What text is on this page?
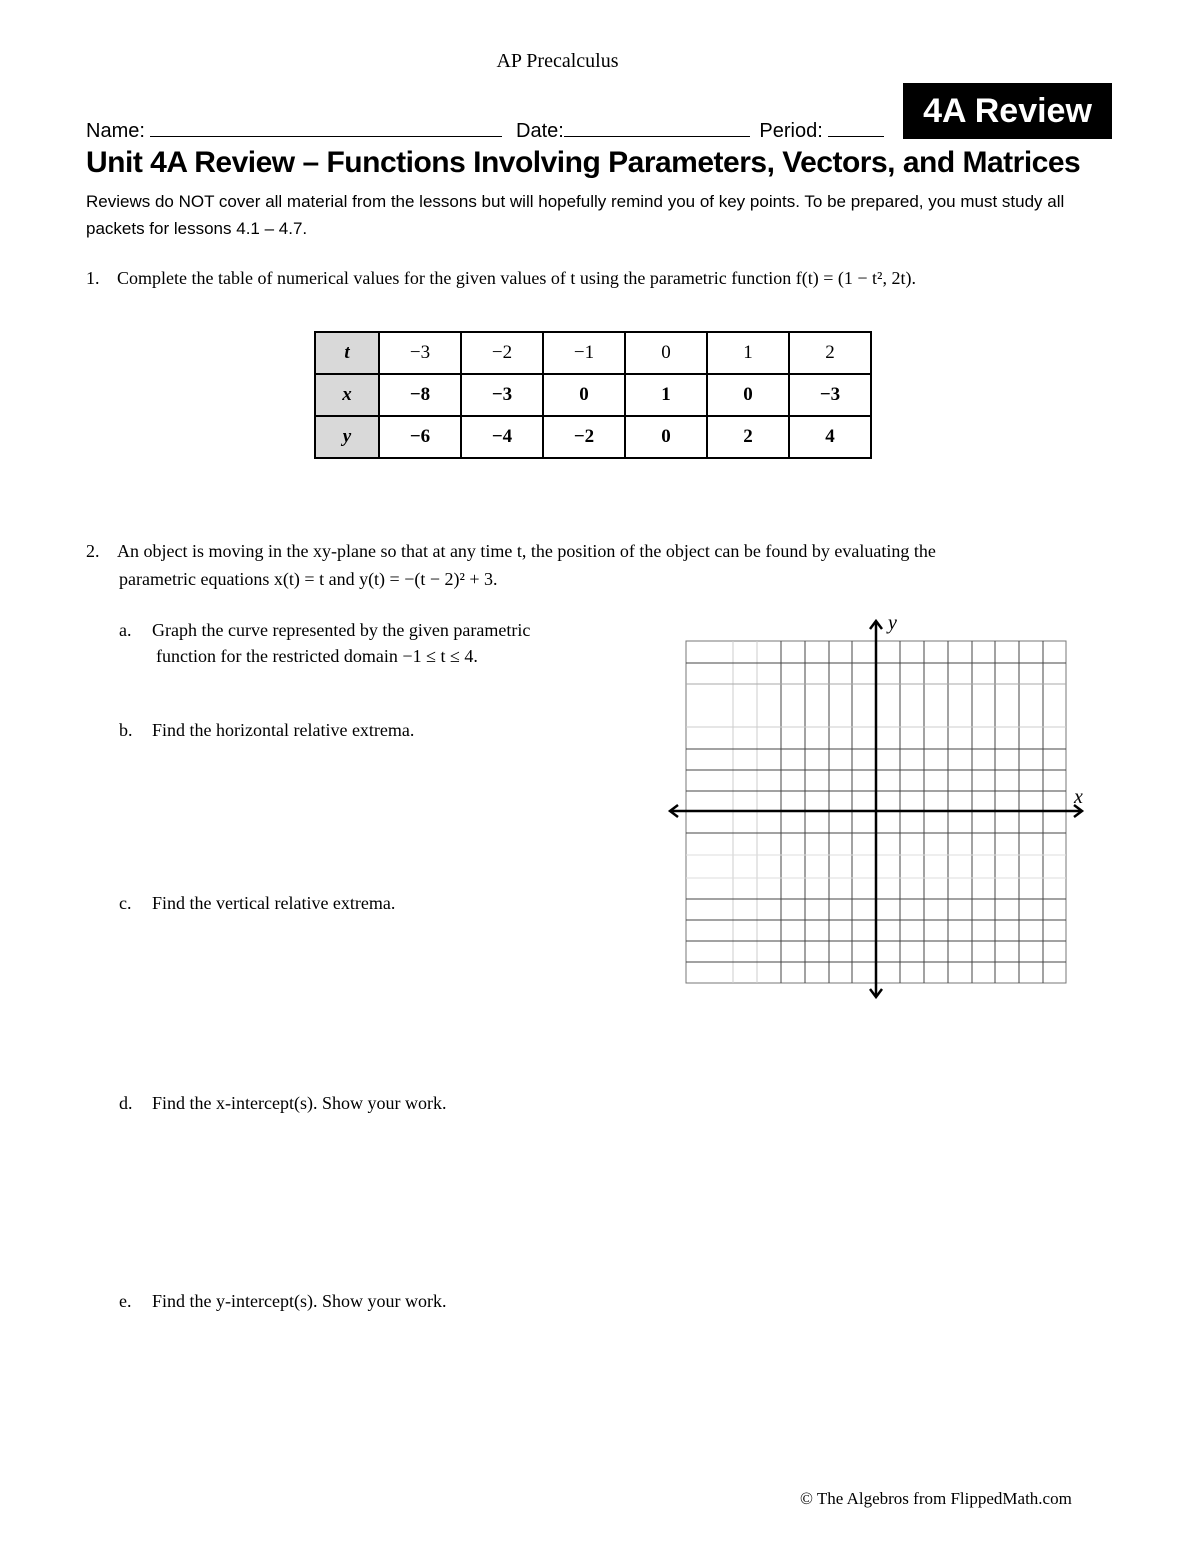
AP Precalculus
Name:	Date:	Period:
4A Review
Unit 4A Review – Functions Involving Parameters, Vectors, and Matrices
Reviews do NOT cover all material from the lessons but will hopefully remind you of key points. To be prepared, you must study all packets for lessons 4.1 – 4.7.
1. Complete the table of numerical values for the given values of t using the parametric function f(t) = (1 − t², 2t).
t	−3	−2	−1	0	1	2
x	−8	−3	0	1	0	−3
y	−6	−4	−2	0	2	4
2. An object is moving in the xy-plane so that at any time t, the position of the object can be found by evaluating the
parametric equations x(t) = t and y(t) = −(t − 2)² + 3.
a. Graph the curve represented by the given parametric
function for the restricted domain −1 ≤ t ≤ 4.
b. Find the horizontal relative extrema.
c. Find the vertical relative extrema.
d. Find the x-intercept(s). Show your work.
e. Find the y-intercept(s). Show your work.
y
x
© The Algebros from FlippedMath.com
